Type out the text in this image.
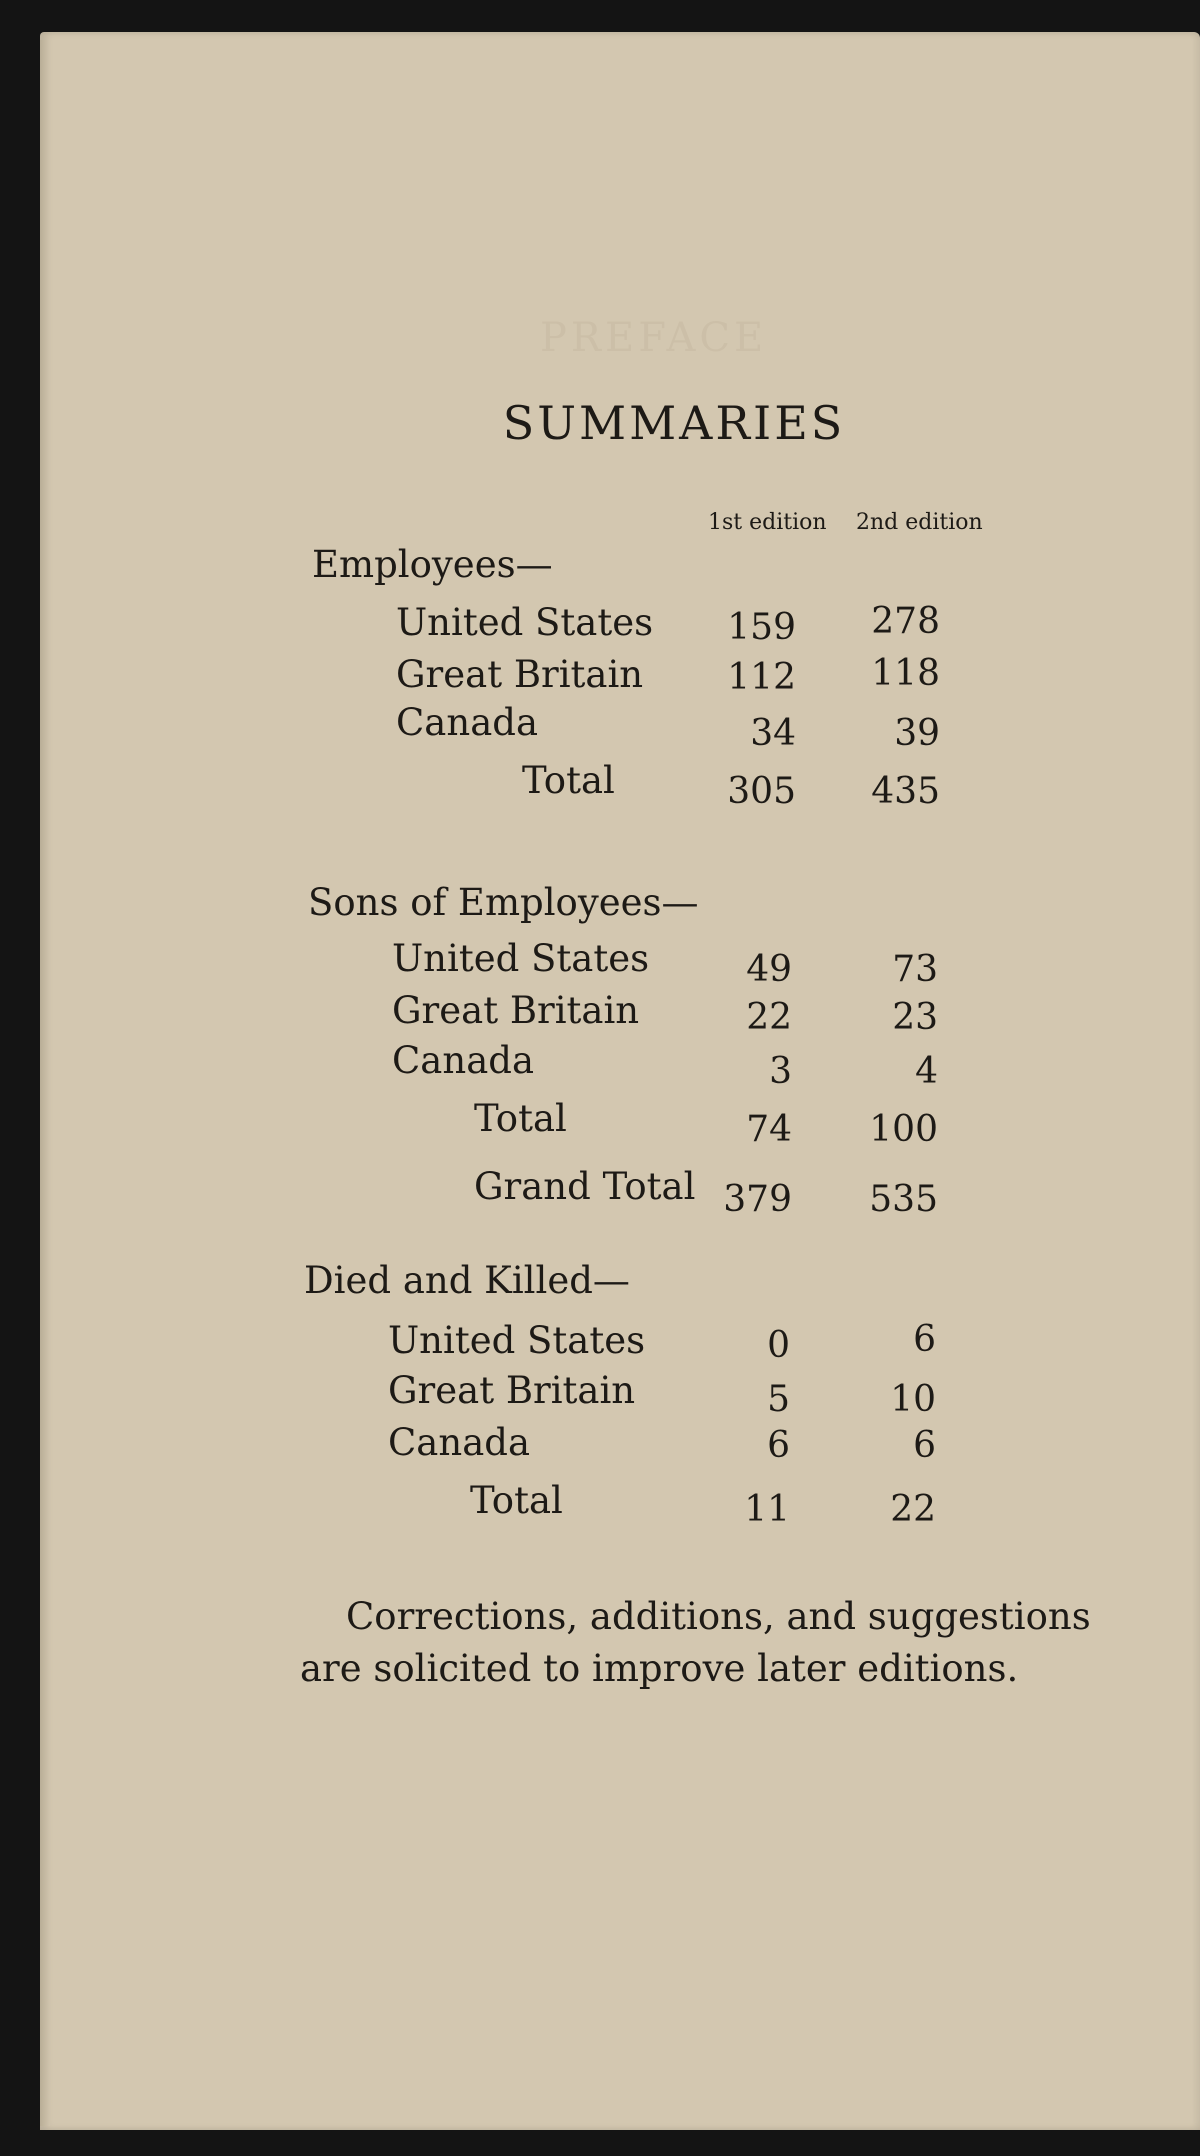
PREFACE
SUMMARIES
1st edition 2nd edition
Employees—
United States	159	278
Great Britain	112	118
Canada	34	39
Total	305	435
Sons of Employees—
United States	49	73
Great Britain	22	23
Canada	3	4
Total	74	100
Grand Total 379	535
Died and Killed—
United States	0	6
Great Britain	5	10
Canada	6	6
Total	11	22
Corrections, additions, and suggestions
are solicited to improve later editions.
